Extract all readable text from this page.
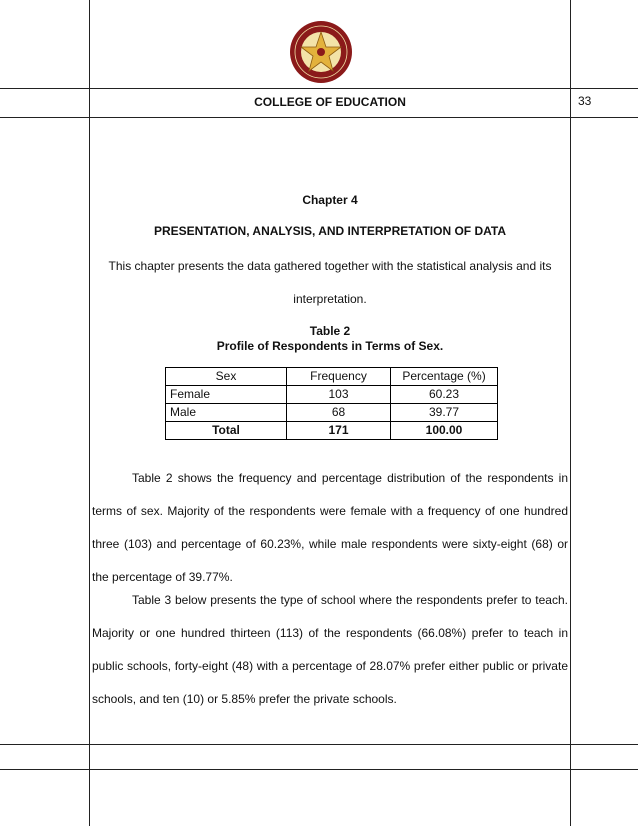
COLLEGE OF EDUCATION	33
Chapter 4
PRESENTATION, ANALYSIS, AND INTERPRETATION OF DATA
This chapter presents the data gathered together with the statistical analysis and its interpretation.
Table 2
Profile of Respondents in Terms of Sex.
Sex	Frequency	Percentage (%)
Female	103	60.23
Male	68	39.77
Total	171	100.00
Table 2 shows the frequency and percentage distribution of the respondents in terms of sex. Majority of the respondents were female with a frequency of one hundred three (103) and percentage of 60.23%, while male respondents were sixty-eight (68) or the percentage of 39.77%.
Table 3 below presents the type of school where the respondents prefer to teach. Majority or one hundred thirteen (113) of the respondents (66.08%) prefer to teach in public schools, forty-eight (48) with a percentage of 28.07% prefer either public or private schools, and ten (10) or 5.85% prefer the private schools.
